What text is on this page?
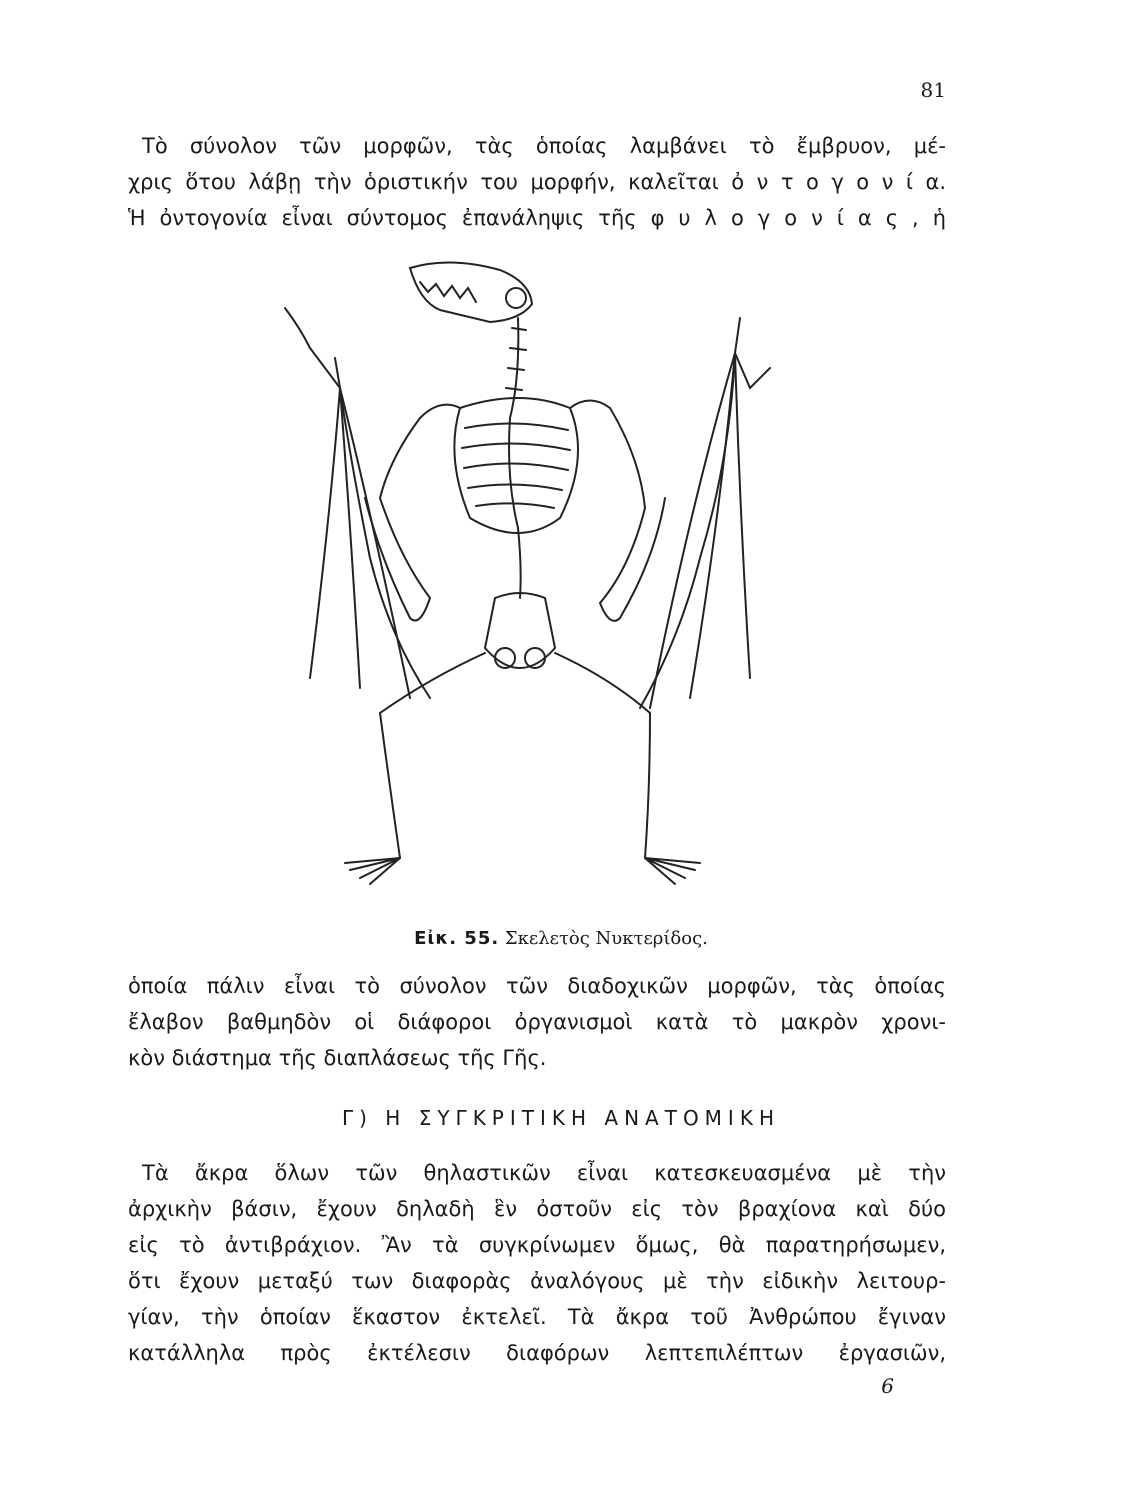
81

Τὸ σύνολον τῶν μορφῶν, τὰς ὁποίας λαμβάνει τὸ ἔμβρυον, μέ-
χρις ὅτου λάβῃ τὴν ὁριστικήν του μορφήν, καλεῖται ὀ ν τ ο γ ο ν ί α.
Ἡ ὀντογονία εἶναι σύντομος ἐπανάληψις τῆς φ υ λ ο γ ο ν ί α ς , ἡ

Εἰκ. 55. Σκελετὸς Νυκτερίδος.

ὁποία πάλιν εἶναι τὸ σύνολον τῶν διαδοχικῶν μορφῶν, τὰς ὁποίας
ἔλαβον βαθμηδὸν οἱ διάφοροι ὀργανισμοὶ κατὰ τὸ μακρὸν χρονι-
κὸν διάστημα τῆς διαπλάσεως τῆς Γῆς.

Γ) Η ΣΥΓΚΡΙΤΙΚΗ ΑΝΑΤΟΜΙΚΗ

Τὰ ἄκρα ὅλων τῶν θηλαστικῶν εἶναι κατεσκευασμένα μὲ τὴν
ἀρχικὴν βάσιν, ἔχουν δηλαδὴ ἓν ὀστοῦν εἰς τὸν βραχίονα καὶ δύο
εἰς τὸ ἀντιβράχιον. Ἂν τὰ συγκρίνωμεν ὅμως, θὰ παρατηρήσωμεν,
ὅτι ἔχουν μεταξύ των διαφορὰς ἀναλόγους μὲ τὴν εἰδικὴν λειτουρ-
γίαν, τὴν ὁποίαν ἕκαστον ἐκτελεῖ. Τὰ ἄκρα τοῦ Ἀνθρώπου ἔγιναν
κατάλληλα πρὸς ἐκτέλεσιν διαφόρων λεπτεπιλέπτων ἐργασιῶν,

6
